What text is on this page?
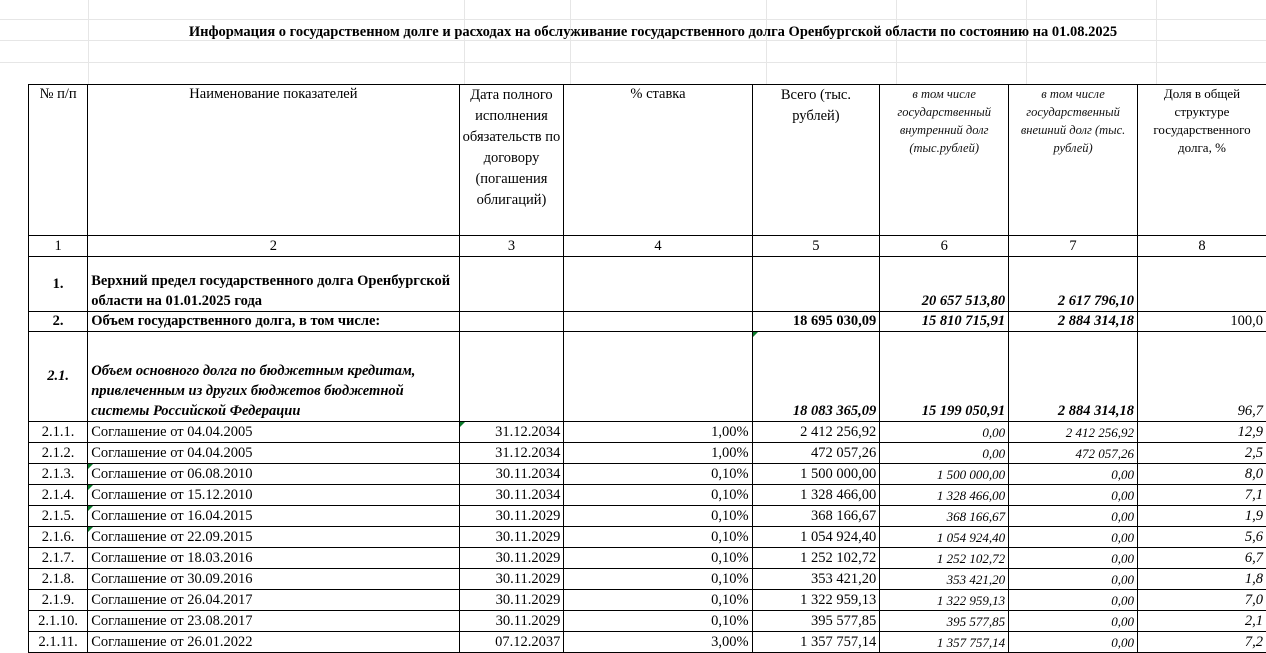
Информация о государственном долге и расходах на обслуживание государственного долга Оренбургской области по состоянию на 01.08.2025
№ п/п	Наименование показателей	Дата полного исполнения обязательств по договору (погашения облигаций)	% ставка	Всего (тыс. рублей)	в том числе государственный внутренний долг (тыс.рублей)	в том числе государственный внешний долг (тыс. рублей)	Доля в общей структуре государственного долга, %
1	2	3	4	5	6	7	8
1.	Верхний предел государственного долга Оренбургской области на 01.01.2025 года				20 657 513,80	2 617 796,10	
2.	Объем государственного долга, в том числе:			18 695 030,09	15 810 715,91	2 884 314,18	100,0
2.1.	Объем основного долга по бюджетным кредитам, привлеченным из других бюджетов бюджетной системы Российской Федерации			18 083 365,09	15 199 050,91	2 884 314,18	96,7
2.1.1.	Соглашение от 04.04.2005	31.12.2034	1,00%	2 412 256,92	0,00	2 412 256,92	12,9
2.1.2.	Соглашение от 04.04.2005	31.12.2034	1,00%	472 057,26	0,00	472 057,26	2,5
2.1.3.	Соглашение от 06.08.2010	30.11.2034	0,10%	1 500 000,00	1 500 000,00	0,00	8,0
2.1.4.	Соглашение от 15.12.2010	30.11.2034	0,10%	1 328 466,00	1 328 466,00	0,00	7,1
2.1.5.	Соглашение от 16.04.2015	30.11.2029	0,10%	368 166,67	368 166,67	0,00	1,9
2.1.6.	Соглашение от 22.09.2015	30.11.2029	0,10%	1 054 924,40	1 054 924,40	0,00	5,6
2.1.7.	Соглашение от 18.03.2016	30.11.2029	0,10%	1 252 102,72	1 252 102,72	0,00	6,7
2.1.8.	Соглашение от 30.09.2016	30.11.2029	0,10%	353 421,20	353 421,20	0,00	1,8
2.1.9.	Соглашение от 26.04.2017	30.11.2029	0,10%	1 322 959,13	1 322 959,13	0,00	7,0
2.1.10.	Соглашение от 23.08.2017	30.11.2029	0,10%	395 577,85	395 577,85	0,00	2,1
2.1.11.	Соглашение от 26.01.2022	07.12.2037	3,00%	1 357 757,14	1 357 757,14	0,00	7,2
